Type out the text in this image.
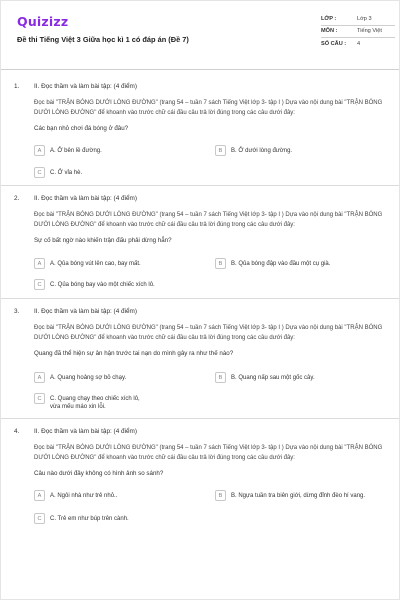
Quizizz
Đề thi Tiếng Việt 3 Giữa học kì 1 có đáp án (Đề 7)
LỚP :	Lớp 3
MÔN :	Tiếng Việt
SỐ CÂU :	4
1. II. Đọc thầm và làm bài tập: (4 điểm)
Đọc bài "TRẬN BÓNG DƯỚI LÒNG ĐƯỜNG" (trang 54 – tuần 7 sách Tiếng Việt lớp 3- tập I ) Dựa vào nội dung bài "TRẬN BÓNG DƯỚI LÒNG ĐƯỜNG" để khoanh vào trước chữ cái đầu câu trả lời đúng trong các câu dưới đây:
Các bạn nhỏ chơi đá bóng ở đâu?
A	A. Ở bên lề đường.	B	B. Ở dưới lòng đường.
C	C. Ở vỉa hè.
2. II. Đọc thầm và làm bài tập: (4 điểm)
Đọc bài "TRẬN BÓNG DƯỚI LÒNG ĐƯỜNG" (trang 54 – tuần 7 sách Tiếng Việt lớp 3- tập I ) Dựa vào nội dung bài "TRẬN BÓNG DƯỚI LÒNG ĐƯỜNG" để khoanh vào trước chữ cái đầu câu trả lời đúng trong các câu dưới đây:
Sự cố bất ngờ nào khiến trận đấu phải dừng hẳn?
A	A. Qủa bóng vút lên cao, bay mất.	B	B. Qủa bóng đập vào đầu một cụ già.
C	C. Qủa bóng bay vào một chiếc xích lô.
3. II. Đọc thầm và làm bài tập: (4 điểm)
Đọc bài "TRẬN BÓNG DƯỚI LÒNG ĐƯỜNG" (trang 54 – tuần 7 sách Tiếng Việt lớp 3- tập I ) Dựa vào nội dung bài "TRẬN BÓNG DƯỚI LÒNG ĐƯỜNG" để khoanh vào trước chữ cái đầu câu trả lời đúng trong các câu dưới đây:
Quang đã thể hiện sự ân hận trước tai nạn do mình gây ra như thế nào?
A	A. Quang hoảng sợ bỏ chạy.	B	B. Quang nấp sau một gốc cây.
C	C. Quang chạy theo chiếc xích lô, vừa mếu máo xin lỗi.
4. II. Đọc thầm và làm bài tập: (4 điểm)
Đọc bài "TRẬN BÓNG DƯỚI LÒNG ĐƯỜNG" (trang 54 – tuần 7 sách Tiếng Việt lớp 3- tập I ) Dựa vào nội dung bài "TRẬN BÓNG DƯỚI LÒNG ĐƯỜNG" để khoanh vào trước chữ cái đầu câu trả lời đúng trong các câu dưới đây:
Câu nào dưới đây không có hình ảnh so sánh?
A	A. Ngôi nhà như trẻ nhỏ..	B	B. Ngựa tuần tra biên giới, dừng đỉnh đèo hí vang.
C	C. Trẻ em như búp trên cành.
